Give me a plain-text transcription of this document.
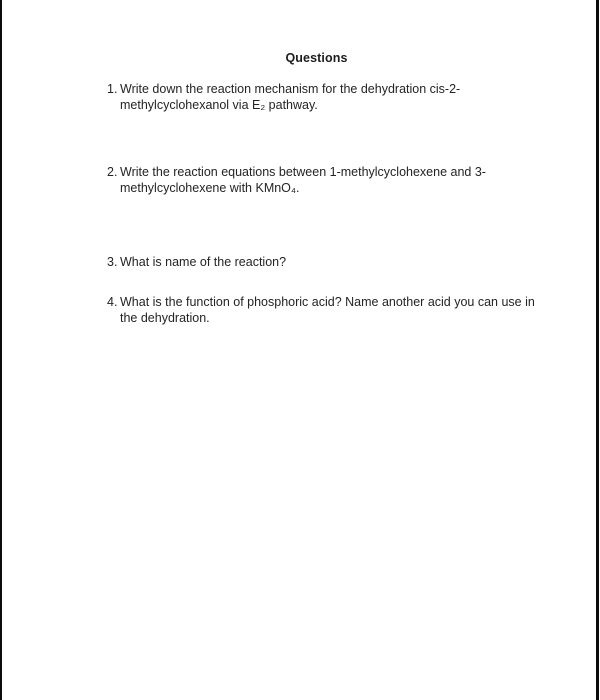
Questions
1. Write down the reaction mechanism for the dehydration cis-2-
methylcyclohexanol via E₂ pathway.
2. Write the reaction equations between 1-methylcyclohexene and 3-
methylcyclohexene with KMnO₄.
3. What is name of the reaction?
4. What is the function of phosphoric acid? Name another acid you can use in
the dehydration.
